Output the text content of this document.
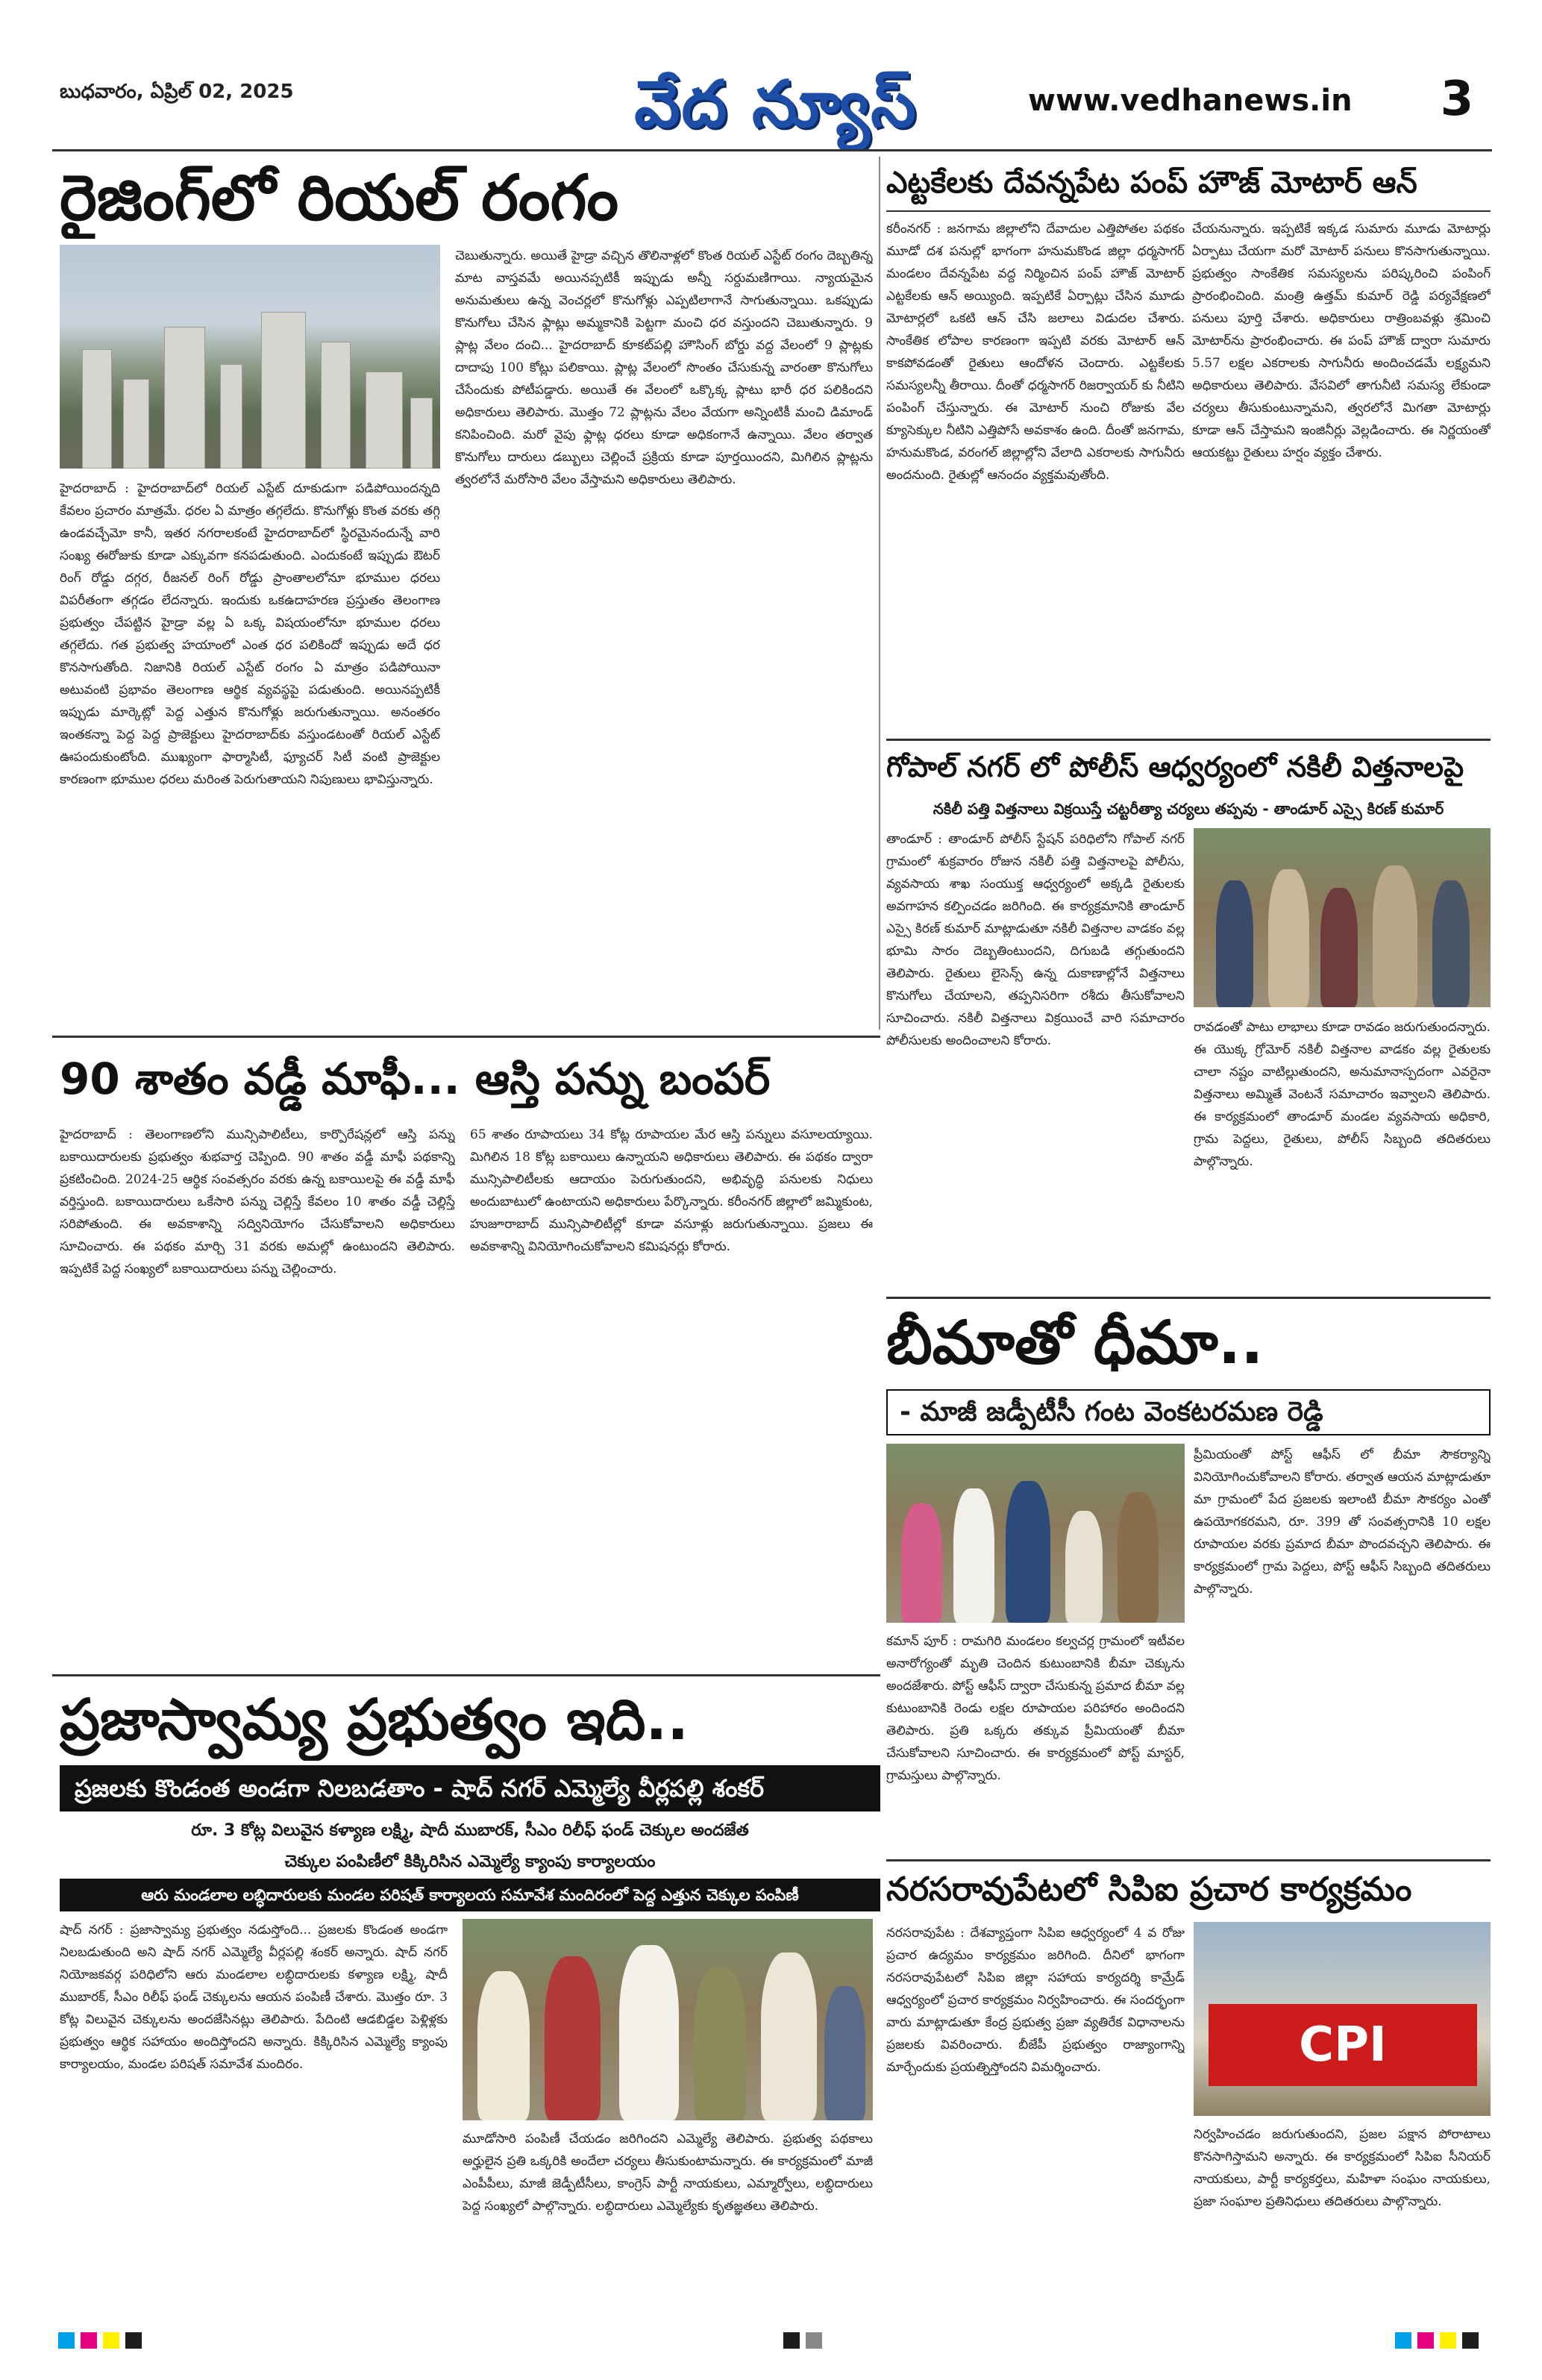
బుధవారం, ఏప్రిల్ 02, 2025	వేద న్యూస్	www.vedhanews.in	3
రైజింగ్‌లో రియల్ రంగం
హైదరాబాద్ : హైదరాబాద్‌లో రియల్ ఎస్టేట్ దూకుడుగా పడిపోయిందన్నది కేవలం ప్రచారం మాత్రమే. ధరల ఏ మాత్రం తగ్గలేదు. కొనుగోళ్లు కొంత వరకు తగ్గి ఉండవచ్చేమో కానీ, ఇతర నగరాలకంటే హైదరాబాద్‌లో స్థిరమైనందున్నే వారి సంఖ్య ఈరోజుకు కూడా ఎక్కువగా కనపడుతుంది. ఎందుకంటే ఇప్పుడు ఔటర్ రింగ్ రోడ్డు దగ్గర, రీజనల్ రింగ్ రోడ్డు ప్రాంతాలలోనూ భూముల ధరలు విపరీతంగా తగ్గడం లేదన్నారు. ఇందుకు ఒకఉదాహరణ ప్రస్తుతం తెలంగాణ ప్రభుత్వం చేపట్టిన హైడ్రా వల్ల ఏ ఒక్క విషయంలోనూ భూముల ధరలు తగ్గలేదు. గత ప్రభుత్వ హయాంలో ఎంత ధర పలికిందో ఇప్పుడు అదే ధర కొనసాగుతోంది. నిజానికి రియల్ ఎస్టేట్ రంగం ఏ మాత్రం పడిపోయినా అటువంటి ప్రభావం తెలంగాణ ఆర్థిక వ్యవస్థపై పడుతుంది. అయినప్పటికీ ఇప్పుడు మార్కెట్లో పెద్ద ఎత్తున కొనుగోళ్లు జరుగుతున్నాయి. అనంతరం ఇంతకన్నా పెద్ద పెద్ద ప్రాజెక్టులు హైదరాబాద్‌కు వస్తుండటంతో రియల్ ఎస్టేట్ ఊపందుకుంటోంది. ముఖ్యంగా ఫార్మాసిటీ, ఫ్యూచర్ సిటీ వంటి ప్రాజెక్టుల కారణంగా భూముల ధరలు మరింత పెరుగుతాయని నిపుణులు భావిస్తున్నారు.
చెబుతున్నారు. అయితే హైడ్రా వచ్చిన తొలినాళ్లలో కొంత రియల్ ఎస్టేట్ రంగం దెబ్బతిన్న మాట వాస్తవమే అయినప్పటికీ ఇప్పుడు అన్నీ సర్దుమణిగాయి. న్యాయమైన అనుమతులు ఉన్న వెంచర్లలో కొనుగోళ్లు ఎప్పటిలాగానే సాగుతున్నాయి. ఒకప్పుడు కొనుగోలు చేసిన ఫ్లాట్లు అమ్మకానికి పెట్టగా మంచి ధర వస్తుందని చెబుతున్నారు. 9 ప్లాట్ల వేలం దంచి... హైదరాబాద్ కూకట్‌పల్లి హౌసింగ్ బోర్డు వద్ద వేలంలో 9 ప్లాట్లకు దాదాపు 100 కోట్లు పలికాయి. ప్లాట్ల వేలంలో సొంతం చేసుకున్న వారంతా కొనుగోలు చేసేందుకు పోటీపడ్డారు. అయితే ఈ వేలంలో ఒక్కొక్క ప్లాటు భారీ ధర పలికిందని అధికారులు తెలిపారు. మొత్తం 72 ప్లాట్లను వేలం వేయగా అన్నింటికీ మంచి డిమాండ్ కనిపించింది. మరో వైపు ఫ్లాట్ల ధరలు కూడా అధికంగానే ఉన్నాయి. వేలం తర్వాత కొనుగోలు దారులు డబ్బులు చెల్లించే ప్రక్రియ కూడా పూర్తయిందని, మిగిలిన ప్లాట్లను త్వరలోనే మరోసారి వేలం వేస్తామని అధికారులు తెలిపారు.
ఎట్టకేలకు దేవన్నపేట పంప్ హౌజ్ మోటార్ ఆన్
కరీంనగర్ : జనగామ జిల్లాలోని దేవాదుల ఎత్తిపోతల పథకం మూడో దశ పనుల్లో భాగంగా హనుమకొండ జిల్లా ధర్మసాగర్ మండలం దేవన్నపేట వద్ద నిర్మించిన పంప్ హౌజ్ మోటార్ ఎట్టకేలకు ఆన్ అయ్యింది. ఇప్పటికే ఏర్పాట్లు చేసిన మూడు మోటార్లలో ఒకటి ఆన్ చేసి జలాలు విడుదల చేశారు. సాంకేతిక లోపాల కారణంగా ఇప్పటి వరకు మోటార్ ఆన్ కాకపోవడంతో రైతులు ఆందోళన చెందారు. ఎట్టకేలకు సమస్యలన్నీ తీరాయి. దీంతో ధర్మసాగర్ రిజర్వాయర్ కు నీటిని పంపింగ్ చేస్తున్నారు. ఈ మోటార్ నుంచి రోజుకు వేల క్యూసెక్కుల నీటిని ఎత్తిపోసే అవకాశం ఉంది. దీంతో జనగామ, హనుమకొండ, వరంగల్ జిల్లాల్లోని వేలాది ఎకరాలకు సాగునీరు అందనుంది. రైతుల్లో ఆనందం వ్యక్తమవుతోంది.
చేయనున్నారు. ఇప్పటికే ఇక్కడ సుమారు మూడు మోటార్లు ఏర్పాటు చేయగా మరో మోటార్ పనులు కొనసాగుతున్నాయి. ప్రభుత్వం సాంకేతిక సమస్యలను పరిష్కరించి పంపింగ్ ప్రారంభించింది. మంత్రి ఉత్తమ్ కుమార్ రెడ్డి పర్యవేక్షణలో పనులు పూర్తి చేశారు. అధికారులు రాత్రింబవళ్లు శ్రమించి మోటార్‌ను ప్రారంభించారు. ఈ పంప్ హౌజ్ ద్వారా సుమారు 5.57 లక్షల ఎకరాలకు సాగునీరు అందించడమే లక్ష్యమని అధికారులు తెలిపారు. వేసవిలో తాగునీటి సమస్య లేకుండా చర్యలు తీసుకుంటున్నామని, త్వరలోనే మిగతా మోటార్లు కూడా ఆన్ చేస్తామని ఇంజినీర్లు వెల్లడించారు. ఈ నిర్ణయంతో ఆయకట్టు రైతులు హర్షం వ్యక్తం చేశారు.
గోపాల్ నగర్ లో పోలీస్ ఆధ్వర్యంలో నకిలీ విత్తనాలపై
నకిలీ పత్తి విత్తనాలు విక్రయిస్తే చట్టరీత్యా చర్యలు తప్పవు - తాండూర్ ఎస్సై కిరణ్ కుమార్
తాండూర్ : తాండూర్ పోలీస్ స్టేషన్ పరిధిలోని గోపాల్ నగర్ గ్రామంలో శుక్రవారం రోజున నకిలీ పత్తి విత్తనాలపై పోలీసు, వ్యవసాయ శాఖ సంయుక్త ఆధ్వర్యంలో అక్కడి రైతులకు అవగాహన కల్పించడం జరిగింది. ఈ కార్యక్రమానికి తాండూర్ ఎస్సై కిరణ్ కుమార్ మాట్లాడుతూ నకిలీ విత్తనాల వాడకం వల్ల భూమి సారం దెబ్బతింటుందని, దిగుబడి తగ్గుతుందని తెలిపారు. రైతులు లైసెన్స్ ఉన్న దుకాణాల్లోనే విత్తనాలు కొనుగోలు చేయాలని, తప్పనిసరిగా రశీదు తీసుకోవాలని సూచించారు. నకిలీ విత్తనాలు విక్రయించే వారి సమాచారం పోలీసులకు అందించాలని కోరారు.
రావడంతో పాటు లాభాలు కూడా రావడం జరుగుతుందన్నారు. ఈ యొక్క గ్రోమోర్ నకిలీ విత్తనాల వాడకం వల్ల రైతులకు చాలా నష్టం వాటిల్లుతుందని, అనుమానాస్పదంగా ఎవరైనా విత్తనాలు అమ్మితే వెంటనే సమాచారం ఇవ్వాలని తెలిపారు. ఈ కార్యక్రమంలో తాండూర్ మండల వ్యవసాయ అధికారి, గ్రామ పెద్దలు, రైతులు, పోలీస్ సిబ్బంది తదితరులు పాల్గొన్నారు.
90 శాతం వడ్డీ మాఫీ... ఆస్తి పన్ను బంపర్
హైదరాబాద్ : తెలంగాణలోని మున్సిపాలిటీలు, కార్పొరేషన్లలో ఆస్తి పన్ను బకాయిదారులకు ప్రభుత్వం శుభవార్త చెప్పింది. 90 శాతం వడ్డీ మాఫీ పథకాన్ని ప్రకటించింది. 2024-25 ఆర్థిక సంవత్సరం వరకు ఉన్న బకాయిలపై ఈ వడ్డీ మాఫీ వర్తిస్తుంది. బకాయిదారులు ఒకేసారి పన్ను చెల్లిస్తే కేవలం 10 శాతం వడ్డీ చెల్లిస్తే సరిపోతుంది. ఈ అవకాశాన్ని సద్వినియోగం చేసుకోవాలని అధికారులు సూచించారు. ఈ పథకం మార్చి 31 వరకు అమల్లో ఉంటుందని తెలిపారు. ఇప్పటికే పెద్ద సంఖ్యలో బకాయిదారులు పన్ను చెల్లించారు.
65 శాతం రూపాయలు 34 కోట్ల రూపాయల మేర ఆస్తి పన్నులు వసూలయ్యాయి. మిగిలిన 18 కోట్ల బకాయిలు ఉన్నాయని అధికారులు తెలిపారు. ఈ పథకం ద్వారా మున్సిపాలిటీలకు ఆదాయం పెరుగుతుందని, అభివృద్ధి పనులకు నిధులు అందుబాటులో ఉంటాయని అధికారులు పేర్కొన్నారు. కరీంనగర్ జిల్లాలో జమ్మికుంట, హుజూరాబాద్ మున్సిపాలిటీల్లో కూడా వసూళ్లు జరుగుతున్నాయి. ప్రజలు ఈ అవకాశాన్ని వినియోగించుకోవాలని కమిషనర్లు కోరారు.
బీమాతో ధీమా..
- మాజీ జడ్పీటీసీ గంట వెంకటరమణ రెడ్డి
కమాన్ పూర్ : రామగిరి మండలం కల్వచర్ల గ్రామంలో ఇటీవల అనారోగ్యంతో మృతి చెందిన కుటుంబానికి బీమా చెక్కును అందజేశారు. పోస్ట్ ఆఫీస్ ద్వారా చేసుకున్న ప్రమాద బీమా వల్ల కుటుంబానికి రెండు లక్షల రూపాయల పరిహారం అందిందని తెలిపారు. ప్రతి ఒక్కరు తక్కువ ప్రీమియంతో బీమా చేసుకోవాలని సూచించారు. ఈ కార్యక్రమంలో పోస్ట్ మాస్టర్, గ్రామస్తులు పాల్గొన్నారు.
ప్రీమియంతో పోస్ట్ ఆఫీస్ లో బీమా సౌకర్యాన్ని వినియోగించుకోవాలని కోరారు. తర్వాత ఆయన మాట్లాడుతూ మా గ్రామంలో పేద ప్రజలకు ఇలాంటి బీమా సౌకర్యం ఎంతో ఉపయోగకరమని, రూ. 399 తో సంవత్సరానికి 10 లక్షల రూపాయల వరకు ప్రమాద బీమా పొందవచ్చని తెలిపారు. ఈ కార్యక్రమంలో గ్రామ పెద్దలు, పోస్ట్ ఆఫీస్ సిబ్బంది తదితరులు పాల్గొన్నారు.
ప్రజాస్వామ్య ప్రభుత్వం ఇది..
ప్రజలకు కొండంత అండగా నిలబడతాం - షాద్ నగర్ ఎమ్మెల్యే వీర్లపల్లి శంకర్
రూ. 3 కోట్ల విలువైన కళ్యాణ లక్ష్మి, షాదీ ముబారక్, సీఎం రిలీఫ్ ఫండ్ చెక్కుల అందజేత
చెక్కుల పంపిణీలో కిక్కిరిసిన ఎమ్మెల్యే క్యాంపు కార్యాలయం
ఆరు మండలాల లబ్ధిదారులకు మండల పరిషత్ కార్యాలయ సమావేశ మందిరంలో పెద్ద ఎత్తున చెక్కుల పంపిణీ
షాద్ నగర్ : ప్రజాస్వామ్య ప్రభుత్వం నడుస్తోంది... ప్రజలకు కొండంత అండగా నిలబడుతుంది అని షాద్ నగర్ ఎమ్మెల్యే వీర్లపల్లి శంకర్ అన్నారు. షాద్ నగర్ నియోజకవర్గ పరిధిలోని ఆరు మండలాల లబ్ధిదారులకు కళ్యాణ లక్ష్మి, షాదీ ముబారక్, సీఎం రిలీఫ్ ఫండ్ చెక్కులను ఆయన పంపిణీ చేశారు. మొత్తం రూ. 3 కోట్ల విలువైన చెక్కులను అందజేసినట్లు తెలిపారు. పేదింటి ఆడబిడ్డల పెళ్లిళ్లకు ప్రభుత్వం ఆర్థిక సహాయం అందిస్తోందని అన్నారు. కిక్కిరిసిన ఎమ్మెల్యే క్యాంపు కార్యాలయం, మండల పరిషత్ సమావేశ మందిరం.
మూడోసారి పంపిణీ చేయడం జరిగిందని ఎమ్మెల్యే తెలిపారు. ప్రభుత్వ పథకాలు అర్హులైన ప్రతి ఒక్కరికి అందేలా చర్యలు తీసుకుంటామన్నారు. ఈ కార్యక్రమంలో మాజీ ఎంపీపీలు, మాజీ జెడ్పీటీసీలు, కాంగ్రెస్ పార్టీ నాయకులు, ఎమ్మార్వోలు, లబ్ధిదారులు పెద్ద సంఖ్యలో పాల్గొన్నారు. లబ్ధిదారులు ఎమ్మెల్యేకు కృతజ్ఞతలు తెలిపారు.
నరసరావుపేటలో సిపిఐ ప్రచార కార్యక్రమం
నరసరావుపేట : దేశవ్యాప్తంగా సిపిఐ ఆధ్వర్యంలో 4 వ రోజు ప్రచార ఉద్యమం కార్యక్రమం జరిగింది. దీనిలో భాగంగా నరసరావుపేటలో సిపిఐ జిల్లా సహాయ కార్యదర్శి కామ్రేడ్ ఆధ్వర్యంలో ప్రచార కార్యక్రమం నిర్వహించారు. ఈ సందర్భంగా వారు మాట్లాడుతూ కేంద్ర ప్రభుత్వ ప్రజా వ్యతిరేక విధానాలను ప్రజలకు వివరించారు. బీజేపీ ప్రభుత్వం రాజ్యాంగాన్ని మార్చేందుకు ప్రయత్నిస్తోందని విమర్శించారు.	CPI
నిర్వహించడం జరుగుతుందని, ప్రజల పక్షాన పోరాటాలు కొనసాగిస్తామని అన్నారు. ఈ కార్యక్రమంలో సిపిఐ సీనియర్ నాయకులు, పార్టీ కార్యకర్తలు, మహిళా సంఘం నాయకులు, ప్రజా సంఘాల ప్రతినిధులు తదితరులు పాల్గొన్నారు.
